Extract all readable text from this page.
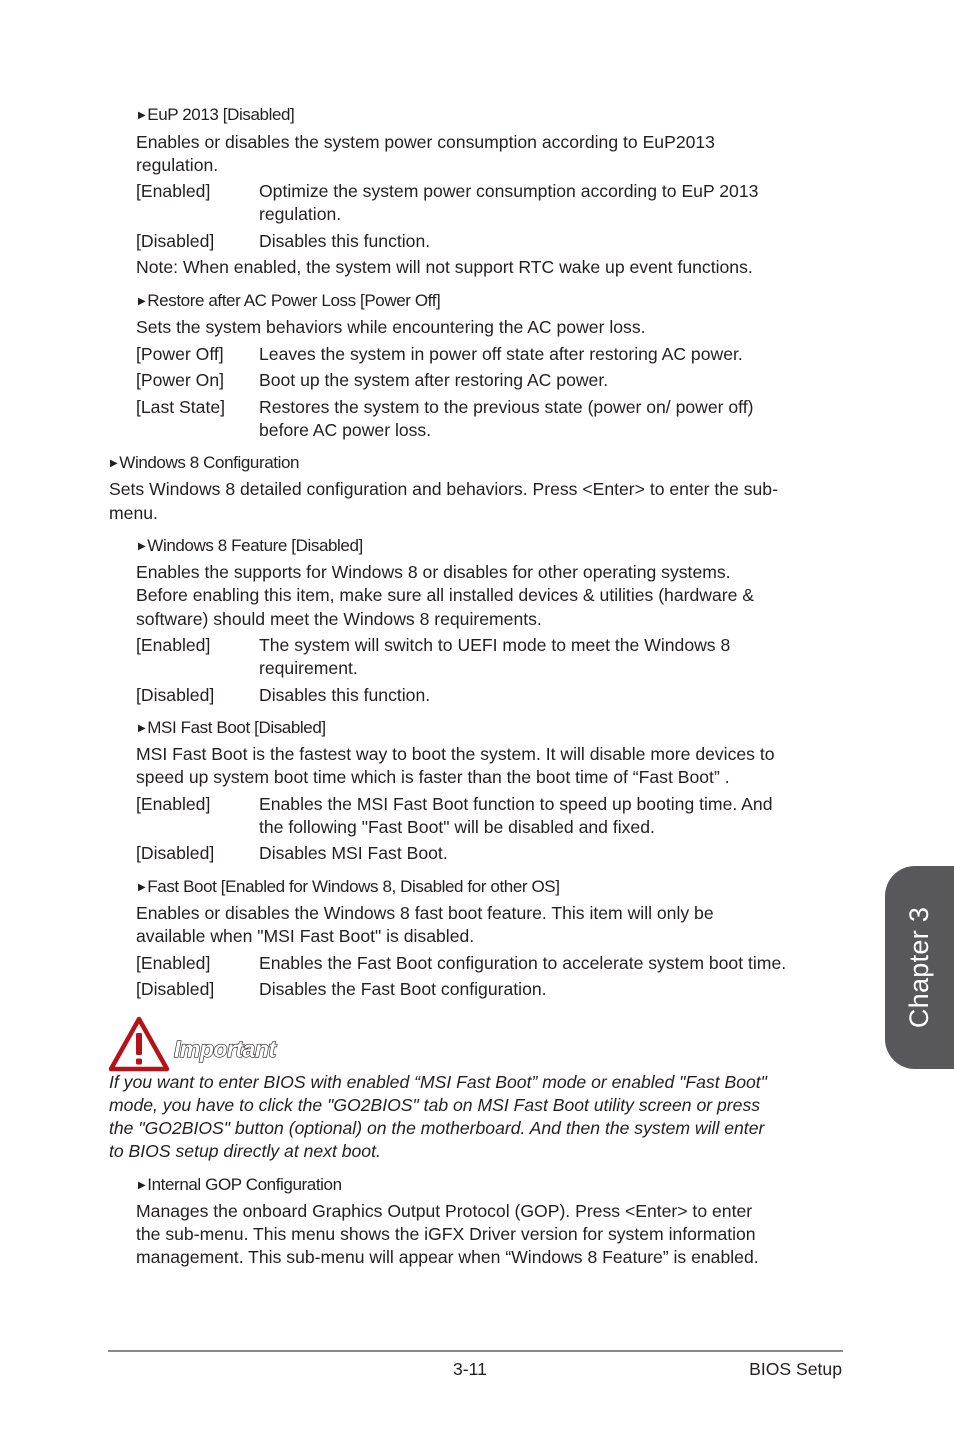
▶ EuP 2013 [Disabled]
Enables or disables the system power consumption according to EuP2013
regulation.
[Enabled]	Optimize the system power consumption according to EuP 2013
regulation.
[Disabled]	Disables this function.
Note: When enabled, the system will not support RTC wake up event functions.
▶ Restore after AC Power Loss [Power Off]
Sets the system behaviors while encountering the AC power loss.
[Power Off] Leaves the system in power off state after restoring AC power.
[Power On] Boot up the system after restoring AC power.
[Last State] Restores the system to the previous state (power on/ power off)
before AC power loss.
▶ Windows 8 Configuration
Sets Windows 8 detailed configuration and behaviors. Press <Enter> to enter the sub-
menu.
▶ Windows 8 Feature [Disabled]
Enables the supports for Windows 8 or disables for other operating systems.
Before enabling this item, make sure all installed devices & utilities (hardware &
software) should meet the Windows 8 requirements.
[Enabled]	The system will switch to UEFI mode to meet the Windows 8
requirement.
[Disabled]	Disables this function.
▶ MSI Fast Boot [Disabled]
MSI Fast Boot is the fastest way to boot the system. It will disable more devices to
speed up system boot time which is faster than the boot time of “Fast Boot” .
[Enabled]	Enables the MSI Fast Boot function to speed up booting time. And
the following "Fast Boot" will be disabled and fixed.
[Disabled]	Disables MSI Fast Boot.
▶ Fast Boot [Enabled for Windows 8, Disabled for other OS]
Enables or disables the Windows 8 fast boot feature. This item will only be
available when "MSI Fast Boot" is disabled.
[Enabled]	Enables the Fast Boot configuration to accelerate system boot time.
[Disabled]	Disables the Fast Boot configuration.
Important
If you want to enter BIOS with enabled “MSI Fast Boot” mode or enabled "Fast Boot"
mode, you have to click the "GO2BIOS" tab on MSI Fast Boot utility screen or press
the "GO2BIOS" button (optional) on the motherboard. And then the system will enter
to BIOS setup directly at next boot.
▶ Internal GOP Configuration
Manages the onboard Graphics Output Protocol (GOP). Press <Enter> to enter
the sub-menu. This menu shows the iGFX Driver version for system information
management. This sub-menu will appear when “Windows 8 Feature” is enabled.
3-11	BIOS Setup
Chapter 3
